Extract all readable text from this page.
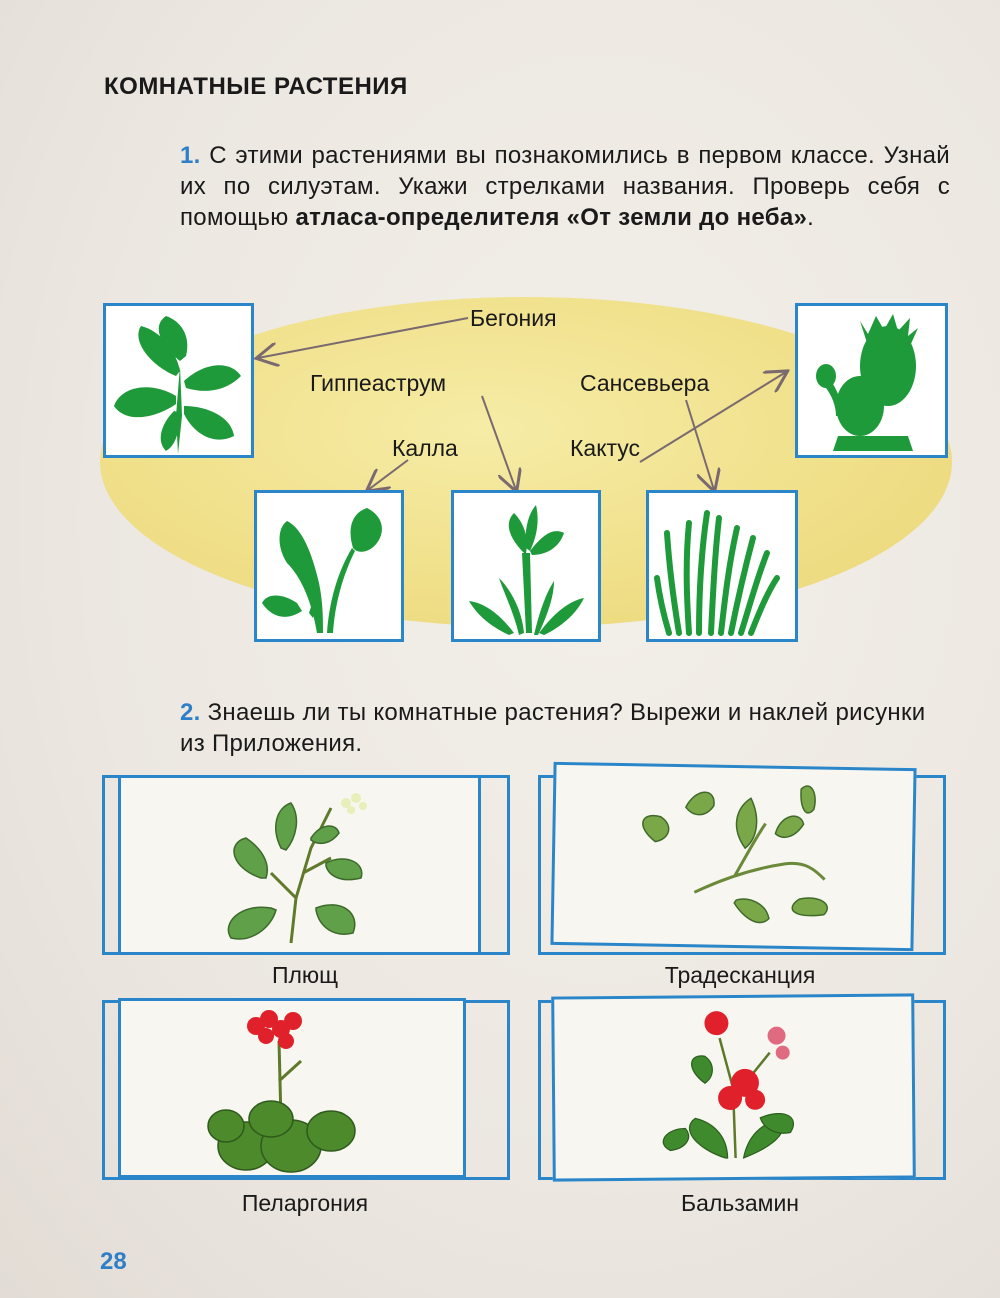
КОМНАТНЫЕ РАСТЕНИЯ
1. С этими растениями вы познакомились в первом классе. Узнай их по силуэтам. Укажи стрелками названия. Проверь себя с помощью атласа-определителя «От земли до неба».
Бегония
Гиппеаструм	Сансевьера
Калла	Кактус
2. Знаешь ли ты комнатные растения? Вырежи и наклей рисунки из Приложения.
Плющ	Традесканция
Пеларгония	Бальзамин
28
